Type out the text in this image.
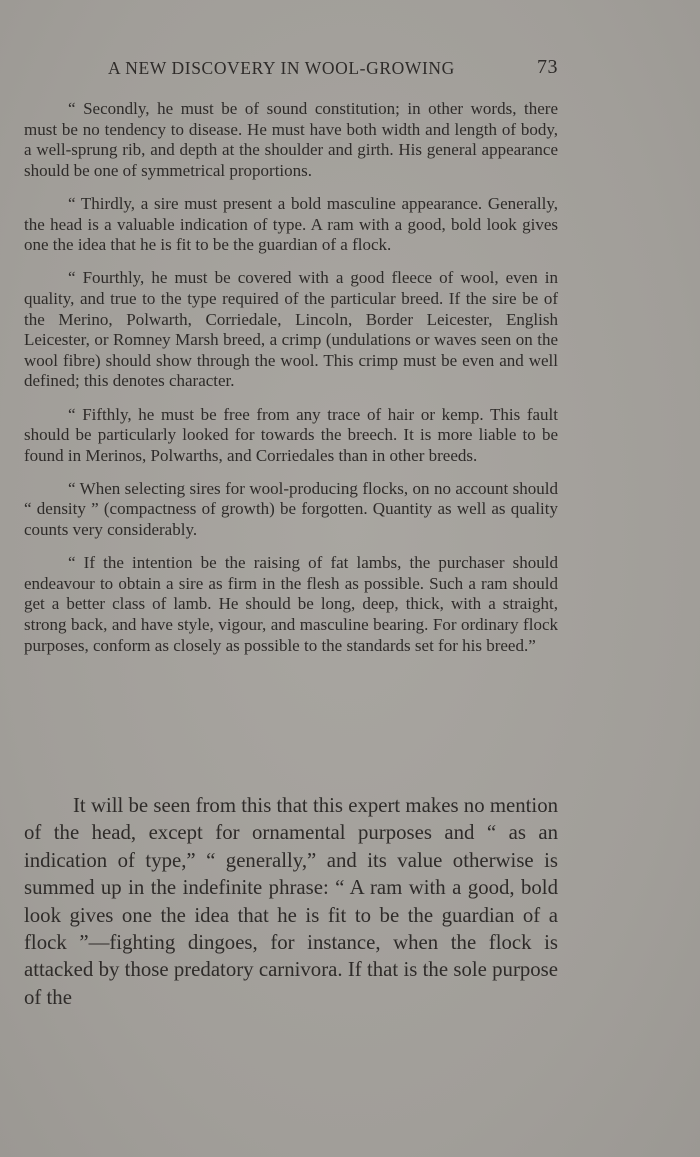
A NEW DISCOVERY IN WOOL-GROWING	73

“ Secondly, he must be of sound constitution; in other words, there must be no tendency to disease. He must have both width and length of body, a well-sprung rib, and depth at the shoulder and girth. His general appearance should be one of symmetrical proportions.

“ Thirdly, a sire must present a bold masculine appearance. Generally, the head is a valuable indication of type. A ram with a good, bold look gives one the idea that he is fit to be the guardian of a flock.

“ Fourthly, he must be covered with a good fleece of wool, even in quality, and true to the type required of the particular breed. If the sire be of the Merino, Polwarth, Corriedale, Lincoln, Border Leicester, English Leicester, or Romney Marsh breed, a crimp (undulations or waves seen on the wool fibre) should show through the wool. This crimp must be even and well defined; this denotes character.

“ Fifthly, he must be free from any trace of hair or kemp. This fault should be particularly looked for towards the breech. It is more liable to be found in Merinos, Polwarths, and Corriedales than in other breeds.

“ When selecting sires for wool-producing flocks, on no account should “ density ” (compactness of growth) be forgotten. Quantity as well as quality counts very considerably.

“ If the intention be the raising of fat lambs, the purchaser should endeavour to obtain a sire as firm in the flesh as possible. Such a ram should get a better class of lamb. He should be long, deep, thick, with a straight, strong back, and have style, vigour, and masculine bearing. For ordinary flock purposes, conform as closely as possible to the standards set for his breed.”

It will be seen from this that this expert makes no mention of the head, except for ornamental purposes and “ as an indication of type,” “ generally,” and its value otherwise is summed up in the indefinite phrase: “ A ram with a good, bold look gives one the idea that he is fit to be the guardian of a flock ”—fighting dingoes, for instance, when the flock is attacked by those predatory carnivora. If that is the sole purpose of the
